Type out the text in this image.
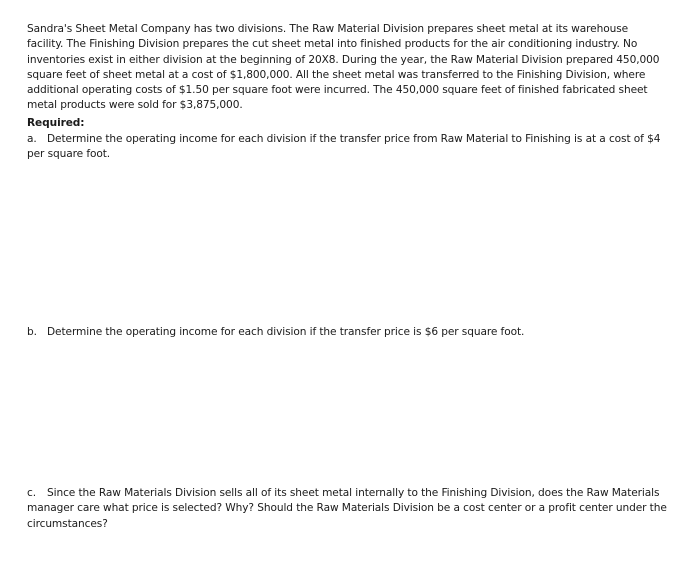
Sandra's Sheet Metal Company has two divisions. The Raw Material Division prepares sheet metal at its warehouse facility. The Finishing Division prepares the cut sheet metal into finished products for the air conditioning industry. No inventories exist in either division at the beginning of 20X8. During the year, the Raw Material Division prepared 450,000 square feet of sheet metal at a cost of $1,800,000. All the sheet metal was transferred to the Finishing Division, where additional operating costs of $1.50 per square foot were incurred. The 450,000 square feet of finished fabricated sheet metal products were sold for $3,875,000.

Required:

a. Determine the operating income for each division if the transfer price from Raw Material to Finishing is at a cost of $4 per square foot.

b. Determine the operating income for each division if the transfer price is $6 per square foot.

c. Since the Raw Materials Division sells all of its sheet metal internally to the Finishing Division, does the Raw Materials manager care what price is selected? Why? Should the Raw Materials Division be a cost center or a profit center under the circumstances?
